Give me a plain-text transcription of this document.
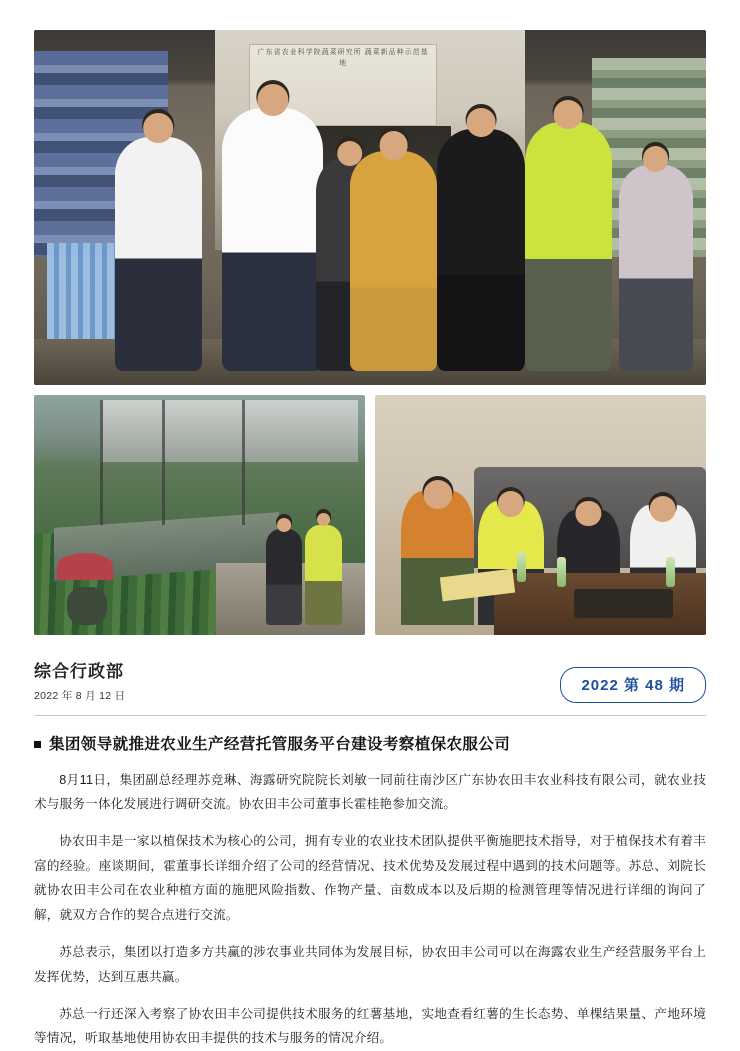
广东省农业科学院蔬菜研究所 蔬菜新品种示范基地
综合行政部
2022 年 8 月 12 日
2022 第 48 期
集团领导就推进农业生产经营托管服务平台建设考察植保农服公司

8月11日，集团副总经理苏竞琳、海露研究院院长刘敏一同前往南沙区广东协农田丰农业科技有限公司，就农业技术与服务一体化发展进行调研交流。协农田丰公司董事长霍桂艳参加交流。

协农田丰是一家以植保技术为核心的公司，拥有专业的农业技术团队提供平衡施肥技术指导，对于植保技术有着丰富的经验。座谈期间，霍董事长详细介绍了公司的经营情况、技术优势及发展过程中遇到的技术问题等。苏总、刘院长就协农田丰公司在农业种植方面的施肥风险指数、作物产量、亩数成本以及后期的检测管理等情况进行详细的询问了解，就双方合作的契合点进行交流。

苏总表示，集团以打造多方共赢的涉农事业共同体为发展目标，协农田丰公司可以在海露农业生产经营服务平台上发挥优势，达到互惠共赢。

苏总一行还深入考察了协农田丰公司提供技术服务的红薯基地，实地查看红薯的生长态势、单棵结果量、产地环境等情况，听取基地使用协农田丰提供的技术与服务的情况介绍。
